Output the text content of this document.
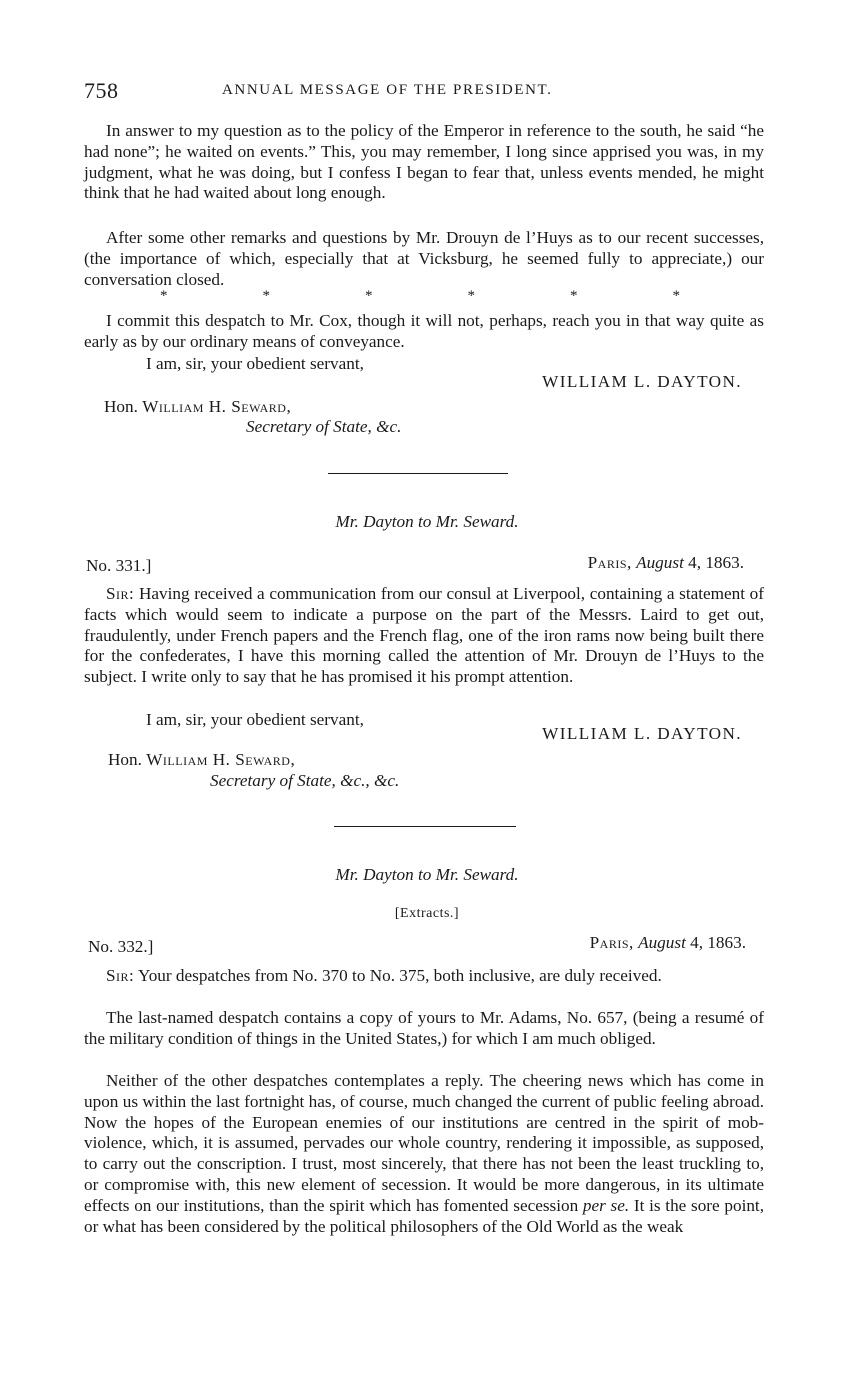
758	ANNUAL MESSAGE OF THE PRESIDENT.

In answer to my question as to the policy of the Emperor in reference to the south, he said “he had none”; he waited on events.” This, you may remember, I long since apprised you was, in my judgment, what he was doing, but I confess I began to fear that, unless events mended, he might think that he had waited about long enough.

After some other remarks and questions by Mr. Drouyn de l’Huys as to our recent successes, (the importance of which, especially that at Vicksburg, he seemed fully to appreciate,) our conversation closed.

*	*	*	*	*	*

I commit this despatch to Mr. Cox, though it will not, perhaps, reach you in that way quite as early as by our ordinary means of conveyance.

I am, sir, your obedient servant,
WILLIAM L. DAYTON.
Hon. William H. Seward,
Secretary of State, &c.
Mr. Dayton to Mr. Seward.
No. 331.]	Paris, August 4, 1863.

Sir: Having received a communication from our consul at Liverpool, containing a statement of facts which would seem to indicate a purpose on the part of the Messrs. Laird to get out, fraudulently, under French papers and the French flag, one of the iron rams now being built there for the confederates, I have this morning called the attention of Mr. Drouyn de l’Huys to the subject. I write only to say that he has promised it his prompt attention.

I am, sir, your obedient servant,
WILLIAM L. DAYTON.
Hon. William H. Seward,
Secretary of State, &c., &c.
Mr. Dayton to Mr. Seward.
[Extracts.]
No. 332.]	Paris, August 4, 1863.

Sir: Your despatches from No. 370 to No. 375, both inclusive, are duly received.

The last-named despatch contains a copy of yours to Mr. Adams, No. 657, (being a resumé of the military condition of things in the United States,) for which I am much obliged.

Neither of the other despatches contemplates a reply. The cheering news which has come in upon us within the last fortnight has, of course, much changed the current of public feeling abroad. Now the hopes of the European enemies of our institutions are centred in the spirit of mob-violence, which, it is assumed, pervades our whole country, rendering it impossible, as supposed, to carry out the conscription. I trust, most sincerely, that there has not been the least truckling to, or compromise with, this new element of secession. It would be more dangerous, in its ultimate effects on our institutions, than the spirit which has fomented secession per se. It is the sore point, or what has been considered by the political philosophers of the Old World as the weak
